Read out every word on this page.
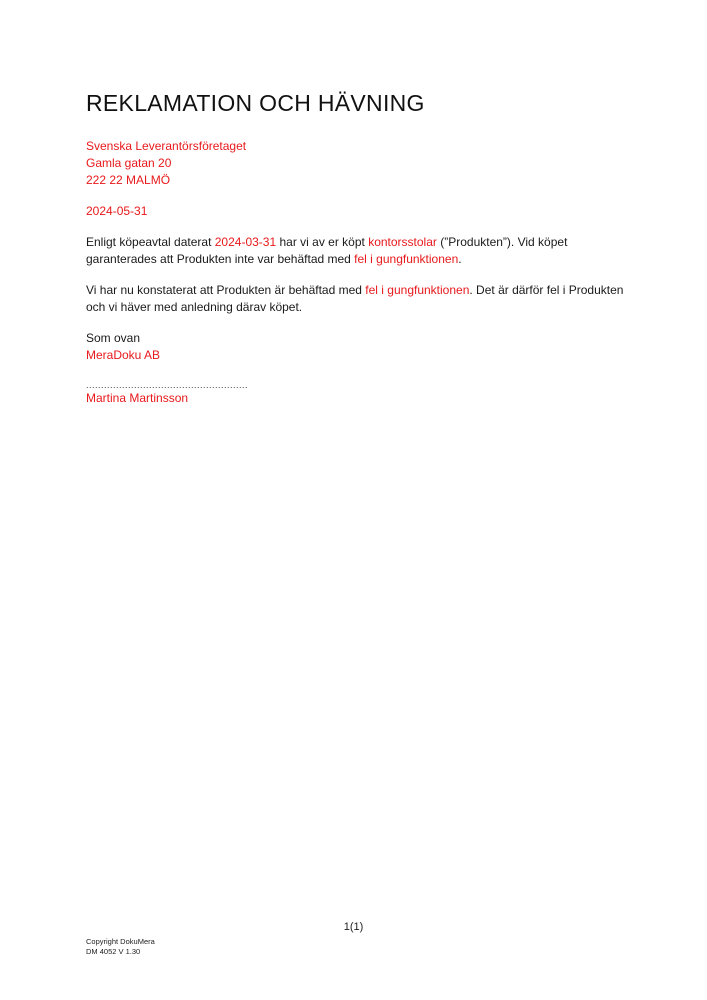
REKLAMATION OCH HÄVNING
Svenska Leverantörsföretaget
Gamla gatan 20
222 22 MALMÖ
2024-05-31

Enligt köpeavtal daterat 2024-03-31 har vi av er köpt kontorsstolar (”Produkten”). Vid köpet garanterades att Produkten inte var behäftad med fel i gungfunktionen.

Vi har nu konstaterat att Produkten är behäftad med fel i gungfunktionen. Det är därför fel i Produkten och vi häver med anledning därav köpet.

Som ovan
MeraDoku AB
......................................................
Martina Martinsson
1(1)
Copyright DokuMera
DM 4052 V 1.30
